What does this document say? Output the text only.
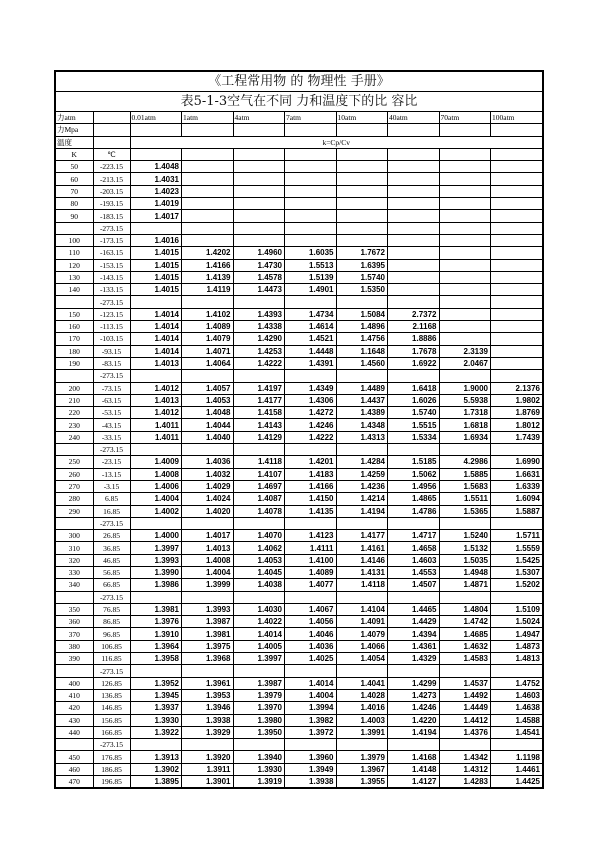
《工程常用物 的 物理性 手册》
表5-1-3空气在不同 力和温度下的比 容比
力atm		0.01atm	1atm	4atm	7atm	10atm	40atm	70atm	100atm
力Mpa									
温度		k=Cp/Cv							
K	℃								
50	-223.15	1.4048							
60	-213.15	1.4031							
70	-203.15	1.4023							
80	-193.15	1.4019							
90	-183.15	1.4017							
	-273.15								
100	-173.15	1.4016							
110	-163.15	1.4015	1.4202	1.4960	1.6035	1.7672			
120	-153.15	1.4015	1.4166	1.4730	1.5513	1.6395			
130	-143.15	1.4015	1.4139	1.4578	1.5139	1.5740			
140	-133.15	1.4015	1.4119	1.4473	1.4901	1.5350			
	-273.15								
150	-123.15	1.4014	1.4102	1.4393	1.4734	1.5084	2.7372		
160	-113.15	1.4014	1.4089	1.4338	1.4614	1.4896	2.1168		
170	-103.15	1.4014	1.4079	1.4290	1.4521	1.4756	1.8886		
180	-93.15	1.4014	1.4071	1.4253	1.4448	1.1648	1.7678	2.3139	
190	-83.15	1.4013	1.4064	1.4222	1.4391	1.4560	1.6922	2.0467	
	-273.15								
200	-73.15	1.4012	1.4057	1.4197	1.4349	1.4489	1.6418	1.9000	2.1376
210	-63.15	1.4013	1.4053	1.4177	1.4306	1.4437	1.6026	5.5938	1.9802
220	-53.15	1.4012	1.4048	1.4158	1.4272	1.4389	1.5740	1.7318	1.8769
230	-43.15	1.4011	1.4044	1.4143	1.4246	1.4348	1.5515	1.6818	1.8012
240	-33.15	1.4011	1.4040	1.4129	1.4222	1.4313	1.5334	1.6934	1.7439
	-273.15								
250	-23.15	1.4009	1.4036	1.4118	1.4201	1.4284	1.5185	4.2986	1.6990
260	-13.15	1.4008	1.4032	1.4107	1.4183	1.4259	1.5062	1.5885	1.6631
270	-3.15	1.4006	1.4029	1.4697	1.4166	1.4236	1.4956	1.5683	1.6339
280	6.85	1.4004	1.4024	1.4087	1.4150	1.4214	1.4865	1.5511	1.6094
290	16.85	1.4002	1.4020	1.4078	1.4135	1.4194	1.4786	1.5365	1.5887
	-273.15								
300	26.85	1.4000	1.4017	1.4070	1.4123	1.4177	1.4717	1.5240	1.5711
310	36.85	1.3997	1.4013	1.4062	1.4111	1.4161	1.4658	1.5132	1.5559
320	46.85	1.3993	1.4008	1.4053	1.4100	1.4146	1.4603	1.5035	1.5425
330	56.85	1.3990	1.4004	1.4045	1.4089	1.4131	1.4553	1.4948	1.5307
340	66.85	1.3986	1.3999	1.4038	1.4077	1.4118	1.4507	1.4871	1.5202
	-273.15								
350	76.85	1.3981	1.3993	1.4030	1.4067	1.4104	1.4465	1.4804	1.5109
360	86.85	1.3976	1.3987	1.4022	1.4056	1.4091	1.4429	1.4742	1.5024
370	96.85	1.3910	1.3981	1.4014	1.4046	1.4079	1.4394	1.4685	1.4947
380	106.85	1.3964	1.3975	1.4005	1.4036	1.4066	1.4361	1.4632	1.4873
390	116.85	1.3958	1.3968	1.3997	1.4025	1.4054	1.4329	1.4583	1.4813
	-273.15								
400	126.85	1.3952	1.3961	1.3987	1.4014	1.4041	1.4299	1.4537	1.4752
410	136.85	1.3945	1.3953	1.3979	1.4004	1.4028	1.4273	1.4492	1.4603
420	146.85	1.3937	1.3946	1.3970	1.3994	1.4016	1.4246	1.4449	1.4638
430	156.85	1.3930	1.3938	1.3980	1.3982	1.4003	1.4220	1.4412	1.4588
440	166.85	1.3922	1.3929	1.3950	1.3972	1.3991	1.4194	1.4376	1.4541
	-273.15								
450	176.85	1.3913	1.3920	1.3940	1.3960	1.3979	1.4168	1.4342	1.1198
460	186.85	1.3902	1.3911	1.3930	1.3949	1.3967	1.4148	1.4312	1.4461
470	196.85	1.3895	1.3901	1.3919	1.3938	1.3955	1.4127	1.4283	1.4425
